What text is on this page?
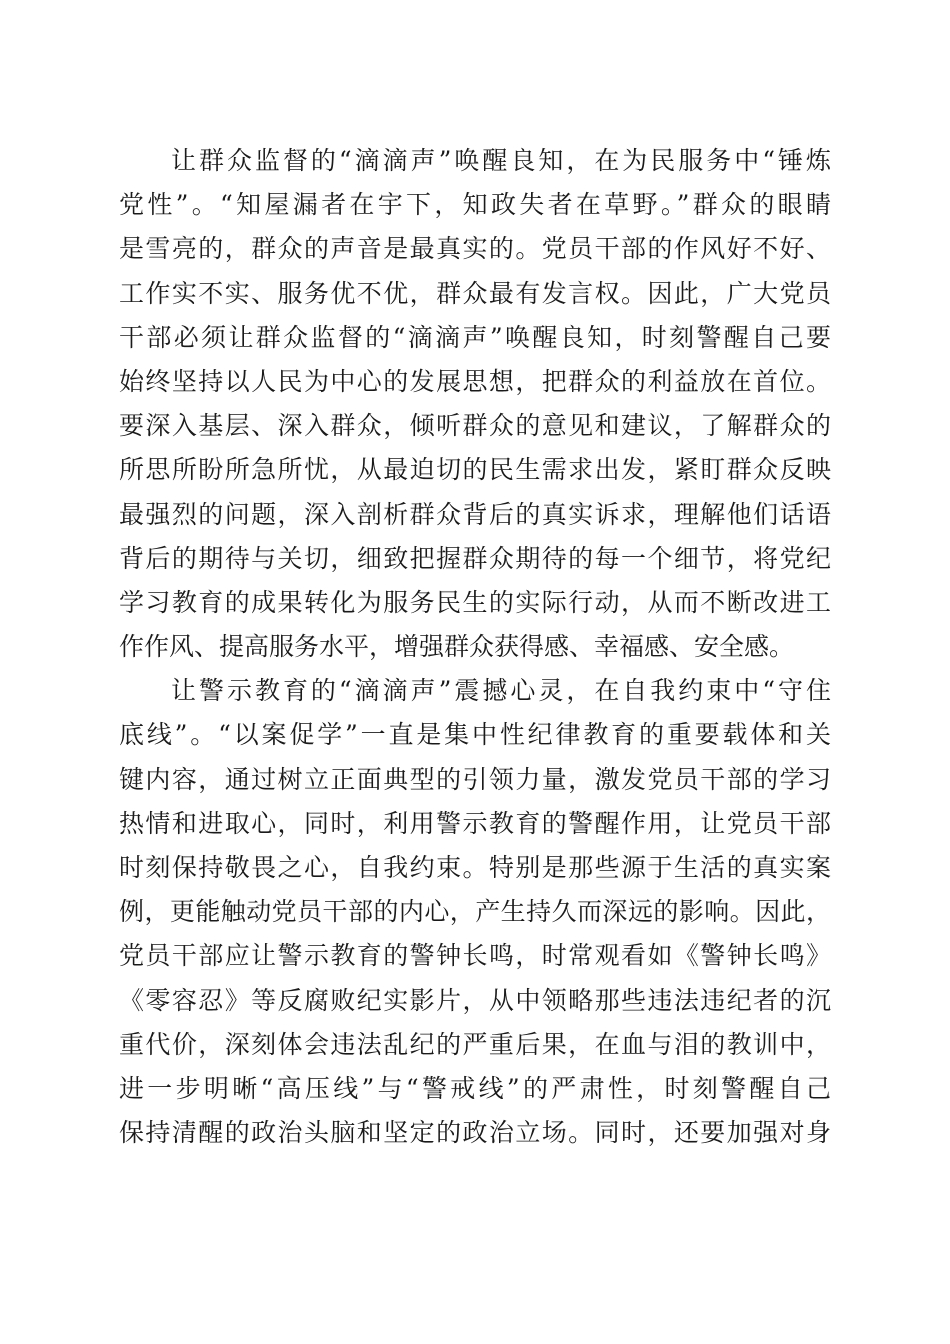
让群众监督的“滴滴声”唤醒良知，在为民服务中“锤炼
党性”。“知屋漏者在宇下，知政失者在草野。”群众的眼睛
是雪亮的，群众的声音是最真实的。党员干部的作风好不好、
工作实不实、服务优不优，群众最有发言权。因此，广大党员
干部必须让群众监督的“滴滴声”唤醒良知，时刻警醒自己要
始终坚持以人民为中心的发展思想，把群众的利益放在首位。
要深入基层、深入群众，倾听群众的意见和建议，了解群众的
所思所盼所急所忧，从最迫切的民生需求出发，紧盯群众反映
最强烈的问题，深入剖析群众背后的真实诉求，理解他们话语
背后的期待与关切，细致把握群众期待的每一个细节，将党纪
学习教育的成果转化为服务民生的实际行动，从而不断改进工
作作风、提高服务水平，增强群众获得感、幸福感、安全感。
让警示教育的“滴滴声”震撼心灵，在自我约束中“守住
底线”。“以案促学”一直是集中性纪律教育的重要载体和关
键内容，通过树立正面典型的引领力量，激发党员干部的学习
热情和进取心，同时，利用警示教育的警醒作用，让党员干部
时刻保持敬畏之心，自我约束。特别是那些源于生活的真实案
例，更能触动党员干部的内心，产生持久而深远的影响。因此，
党员干部应让警示教育的警钟长鸣，时常观看如《警钟长鸣》
《零容忍》等反腐败纪实影片，从中领略那些违法违纪者的沉
重代价，深刻体会违法乱纪的严重后果，在血与泪的教训中，
进一步明晰“高压线”与“警戒线”的严肃性，时刻警醒自己
保持清醒的政治头脑和坚定的政治立场。同时，还要加强对身
